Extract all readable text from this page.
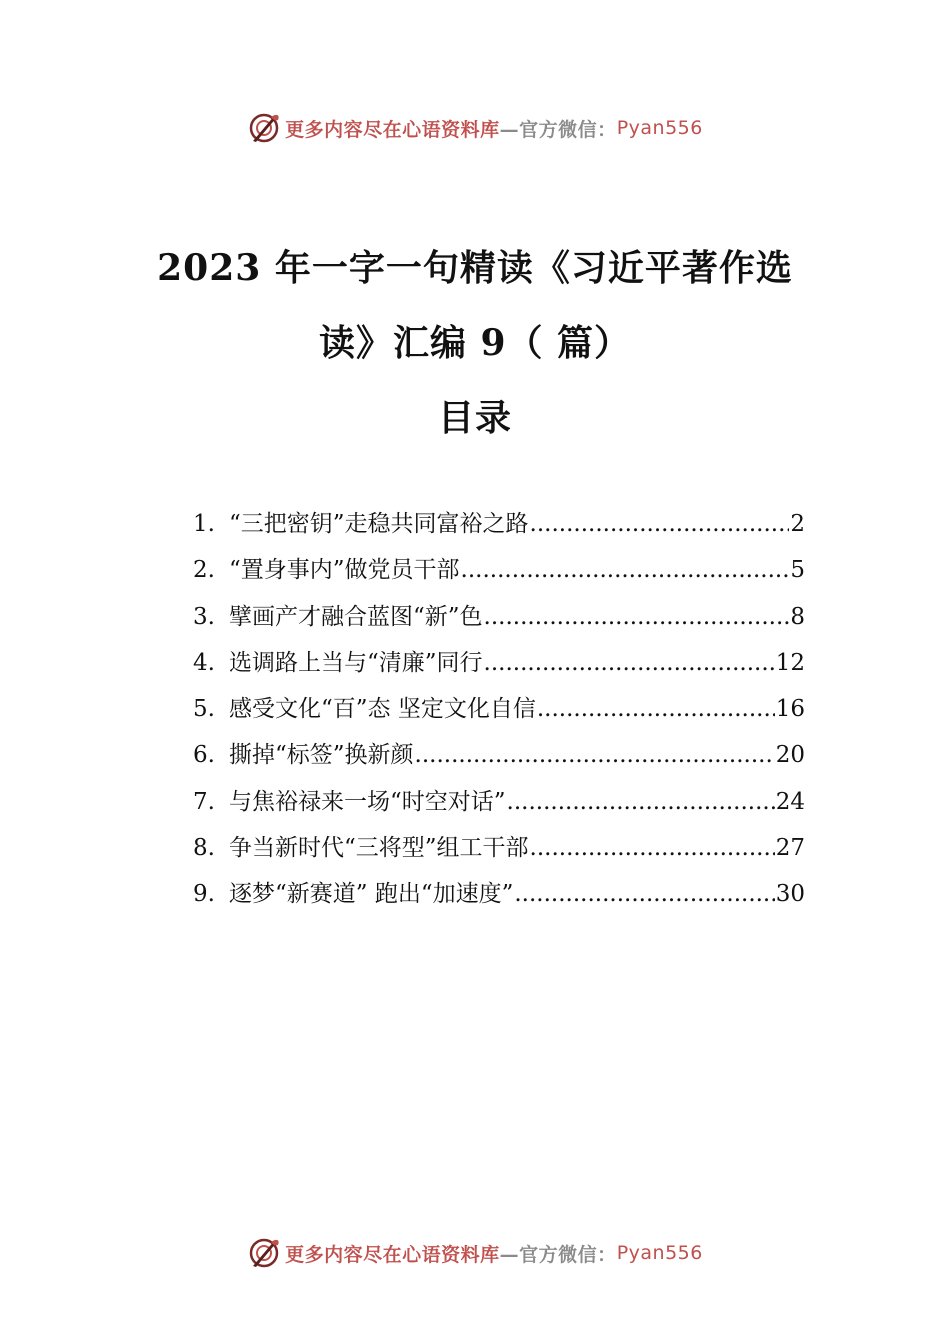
更多内容尽在心语资料库 —官方微信： Pyan556
2023 年一字一句精读《习近平著作选
读》汇编 9（ 篇）
目录
1. “三把密钥”走稳共同富裕之路 .....	2
2. “置身事内”做党员干部 .....	5
3. 擘画产才融合蓝图“新”色 .....	8
4. 选调路上当与“清廉”同行 .....	12
5. 感受文化“百”态 坚定文化自信 .....	16
6. 撕掉“标签”换新颜 .....	20
7. 与焦裕禄来一场“时空对话” .....	24
8. 争当新时代“三将型”组工干部 .....	27
9. 逐梦“新赛道” 跑出“加速度” .....	30
更多内容尽在心语资料库 —官方微信： Pyan556
